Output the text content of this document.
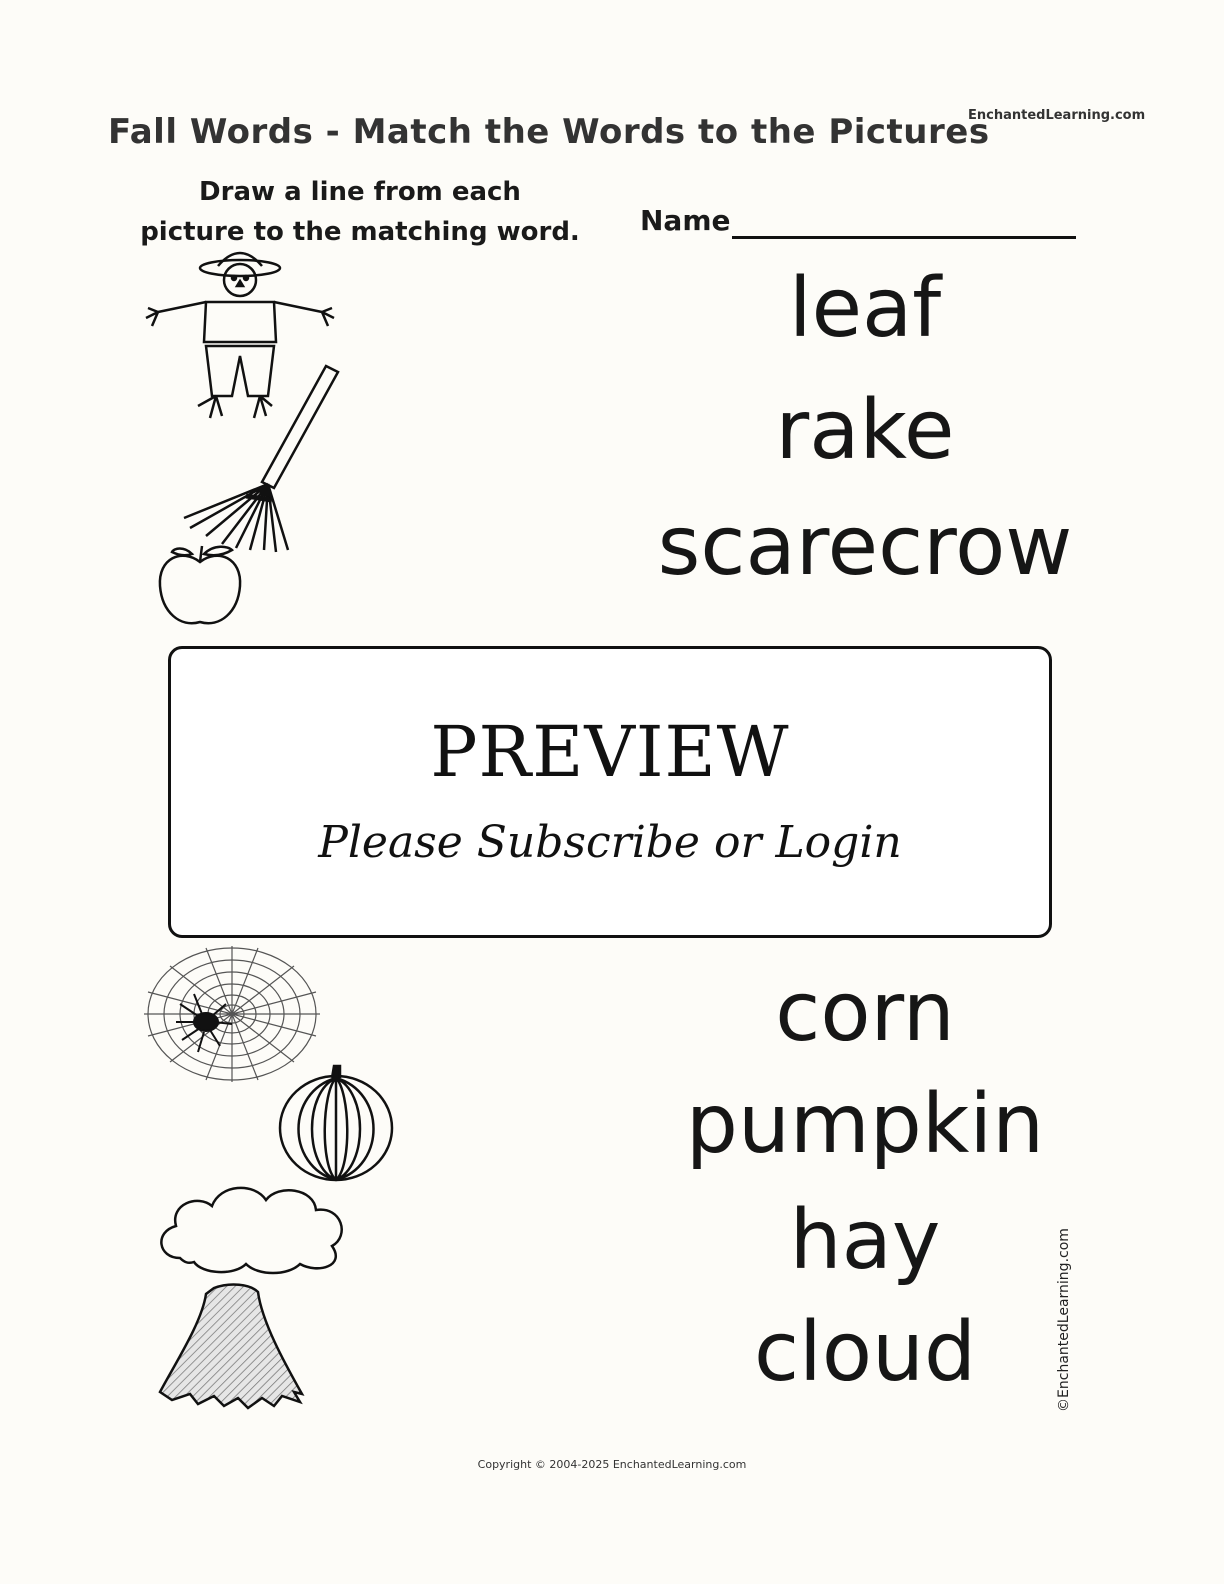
Fall Words - Match the Words to the Pictures
EnchantedLearning.com
Draw a line from each
picture to the matching word. Name
leaf
rake
scarecrow
corn
pumpkin
hay
cloud
PREVIEW
Please Subscribe or Login
©EnchantedLearning.com
Copyright © 2004-2025 EnchantedLearning.com
